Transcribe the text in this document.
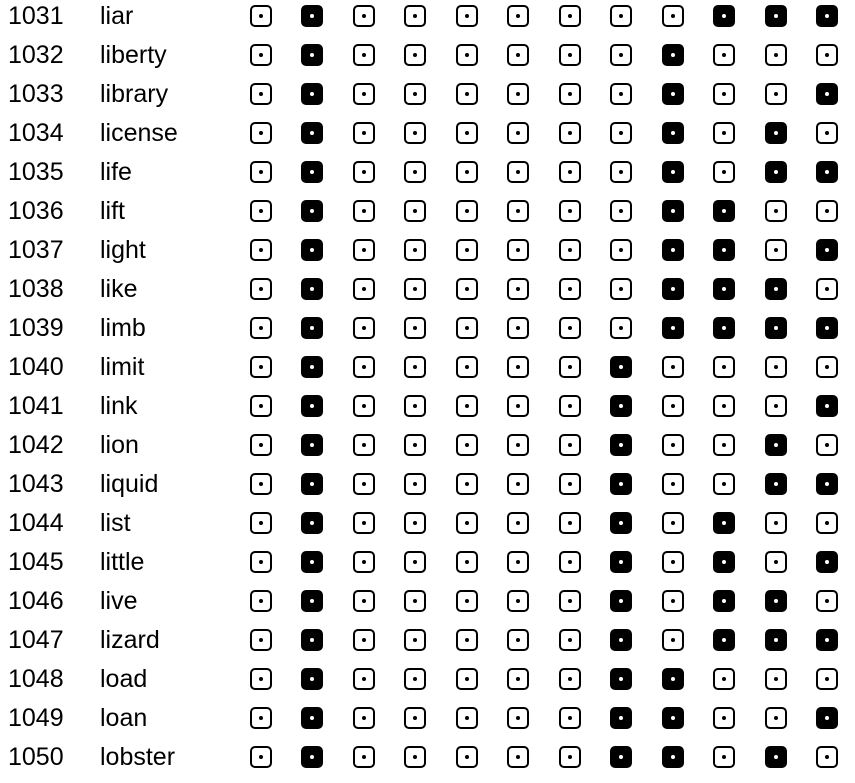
1031 liar
1032 liberty
1033 library
1034 license
1035 life
1036 lift
1037 light
1038 like
1039 limb
1040 limit
1041 link
1042 lion
1043 liquid
1044 list
1045 little
1046 live
1047 lizard
1048 load
1049 loan
1050 lobster
